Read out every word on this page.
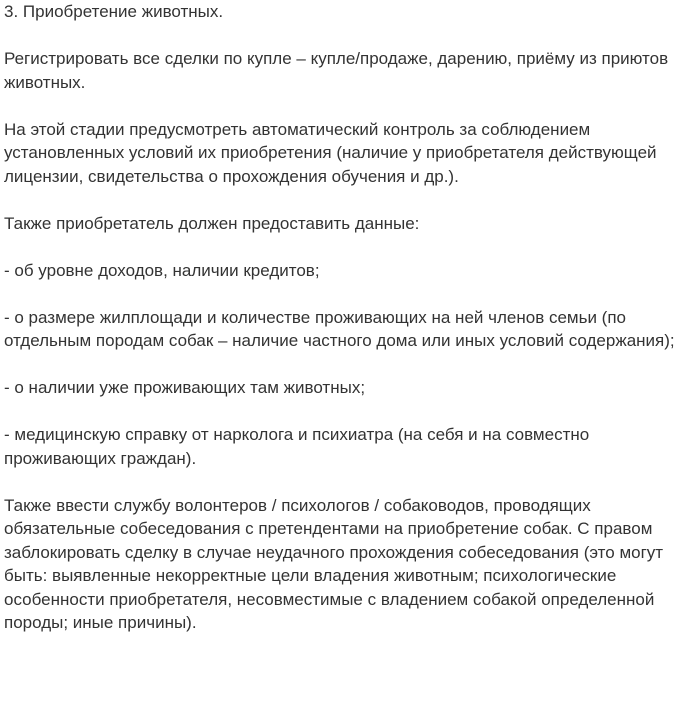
3. Приобретение животных.

Регистрировать все сделки по купле – купле/продаже, дарению, приёму из приютов
животных.

На этой стадии предусмотреть автоматический контроль за соблюдением
установленных условий их приобретения (наличие у приобретателя действующей
лицензии, свидетельства о прохождения обучения и др.).

Также приобретатель должен предоставить данные:

- об уровне доходов, наличии кредитов;

- о размере жилплощади и количестве проживающих на ней членов семьи (по
отдельным породам собак – наличие частного дома или иных условий содержания);

- о наличии уже проживающих там животных;

- медицинскую справку от нарколога и психиатра (на себя и на совместно
проживающих граждан).

Также ввести службу волонтеров / психологов / собаководов, проводящих
обязательные собеседования с претендентами на приобретение собак. С правом
заблокировать сделку в случае неудачного прохождения собеседования (это могут
быть: выявленные некорректные цели владения животным; психологические
особенности приобретателя, несовместимые с владением собакой определенной
породы; иные причины).
